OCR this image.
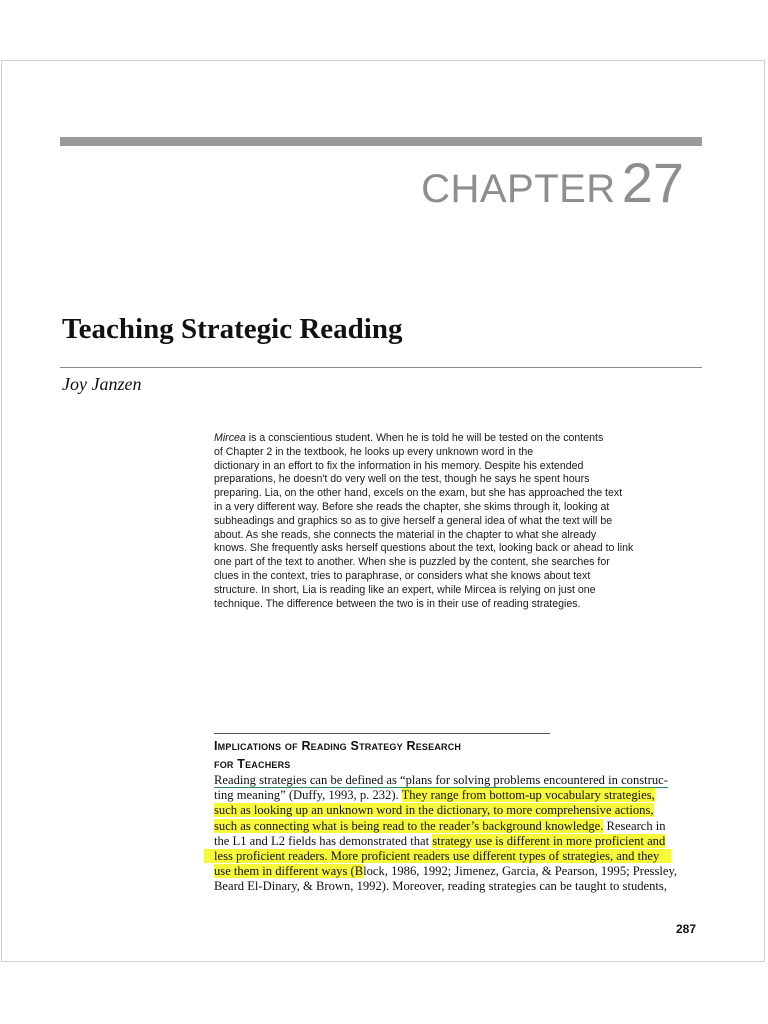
CHAPTER 27
Teaching Strategic Reading
Joy Janzen
Mircea is a conscientious student. When he is told he will be tested on the contents
of Chapter 2 in the textbook, he looks up every unknown word in the
dictionary in an effort to fix the information in his memory. Despite his extended
preparations, he doesn't do very well on the test, though he says he spent hours
preparing. Lia, on the other hand, excels on the exam, but she has approached the text
in a very different way. Before she reads the chapter, she skims through it, looking at
subheadings and graphics so as to give herself a general idea of what the text will be
about. As she reads, she connects the material in the chapter to what she already
knows. She frequently asks herself questions about the text, looking back or ahead to link
one part of the text to another. When she is puzzled by the content, she searches for
clues in the context, tries to paraphrase, or considers what she knows about text
structure. In short, Lia is reading like an expert, while Mircea is relying on just one
technique. The difference between the two is in their use of reading strategies.
Implications of Reading Strategy Research
for Teachers
Reading strategies can be defined as “plans for solving problems encountered in construc-
ting meaning” (Duffy, 1993, p. 232). They range from bottom-up vocabulary strategies,
such as looking up an unknown word in the dictionary, to more comprehensive actions,
such as connecting what is being read to the reader’s background knowledge. Research in
the L1 and L2 fields has demonstrated that strategy use is different in more proficient and
less proficient readers. More proficient readers use different types of strategies, and they
use them in different ways (Block, 1986, 1992; Jimenez, Garcia, & Pearson, 1995; Pressley,
Beard El-Dinary, & Brown, 1992). Moreover, reading strategies can be taught to students,
287
